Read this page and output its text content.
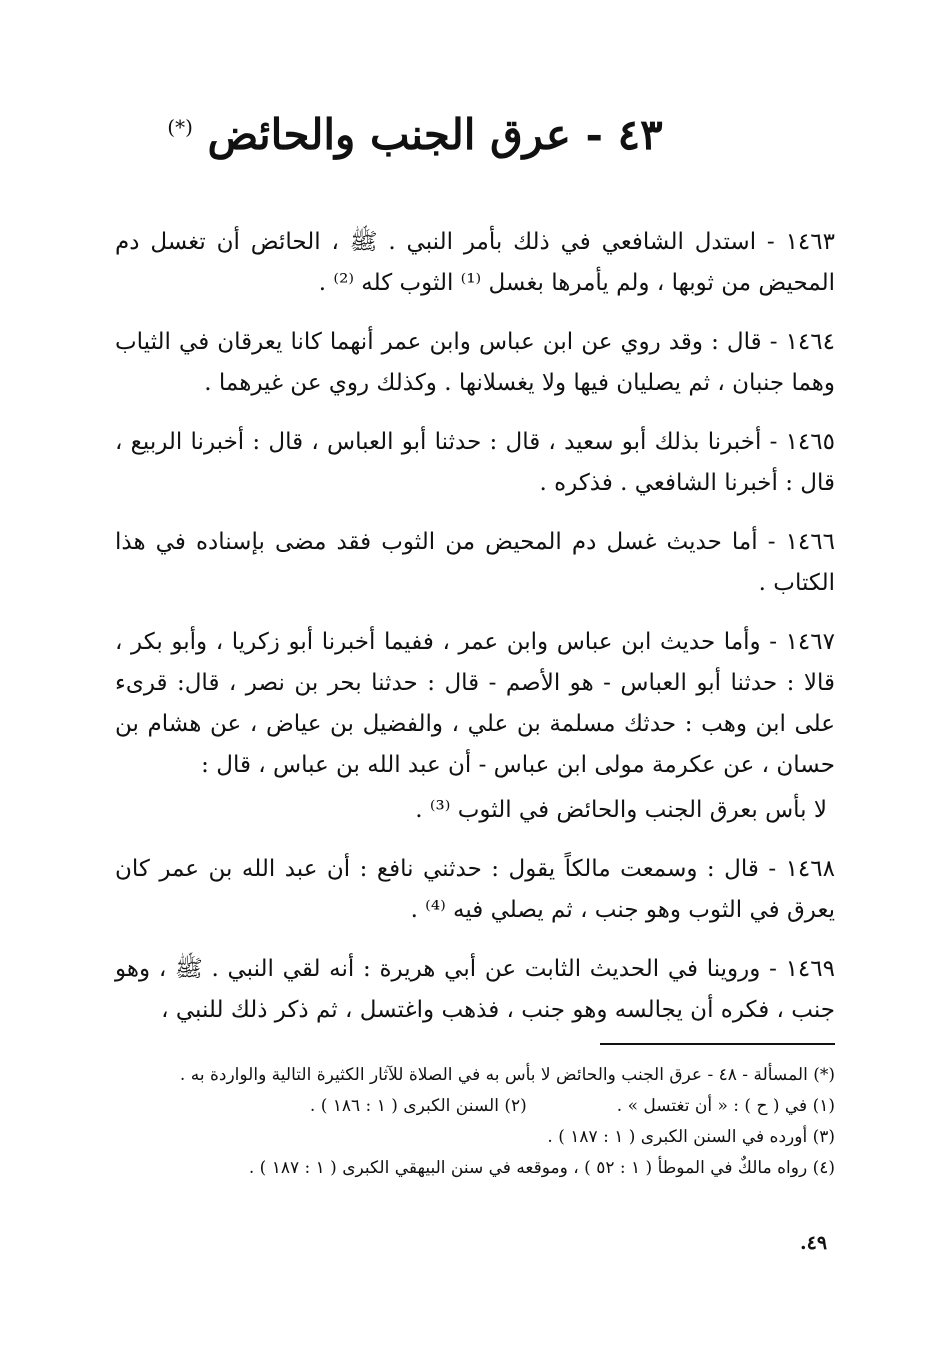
٤٣ - عرق الجنب والحائض (*)

١٤٦٣ - استدل الشافعي في ذلك بأمر النبي . ﷺ ، الحائض أن تغسل دم المحيض من ثوبها ، ولم يأمرها بغسل ⁽¹⁾ الثوب كله ⁽²⁾ .

١٤٦٤ - قال : وقد روي عن ابن عباس وابن عمر أنهما كانا يعرقان في الثياب وهما جنبان ، ثم يصليان فيها ولا يغسلانها . وكذلك روي عن غيرهما .

١٤٦٥ - أخبرنا بذلك أبو سعيد ، قال : حدثنا أبو العباس ، قال : أخبرنا الربيع ، قال : أخبرنا الشافعي . فذكره .

١٤٦٦ - أما حديث غسل دم المحيض من الثوب فقد مضى بإسناده في هذا الكتاب .

١٤٦٧ - وأما حديث ابن عباس وابن عمر ، ففيما أخبرنا أبو زكريا ، وأبو بكر ، قالا : حدثنا أبو العباس - هو الأصم - قال : حدثنا بحر بن نصر ، قال: قرىء على ابن وهب : حدثك مسلمة بن علي ، والفضيل بن عياض ، عن هشام بن حسان ، عن عكرمة مولى ابن عباس - أن عبد الله بن عباس ، قال :

لا بأس بعرق الجنب والحائض في الثوب ⁽³⁾ .

١٤٦٨ - قال : وسمعت مالكاً يقول : حدثني نافع : أن عبد الله بن عمر كان يعرق في الثوب وهو جنب ، ثم يصلي فيه ⁽⁴⁾ .

١٤٦٩ - وروينا في الحديث الثابت عن أبي هريرة : أنه لقي النبي . ﷺ ، وهو جنب ، فكره أن يجالسه وهو جنب ، فذهب واغتسل ، ثم ذكر ذلك للنبي ،

(*) المسألة - ٤٨ - عرق الجنب والحائض لا بأس به في الصلاة للآثار الكثيرة التالية والواردة به .

(١) في ( ح ) : « أن تغتسل » .

(٢) السنن الكبرى ( ١ : ١٨٦ ) .

(٣) أورده في السنن الكبرى ( ١ : ١٨٧ ) .

(٤) رواه مالكٌ في الموطأ ( ١ : ٥٢ ) ، وموقعه في سنن البيهقي الكبرى ( ١ : ١٨٧ ) .

٤٩.
